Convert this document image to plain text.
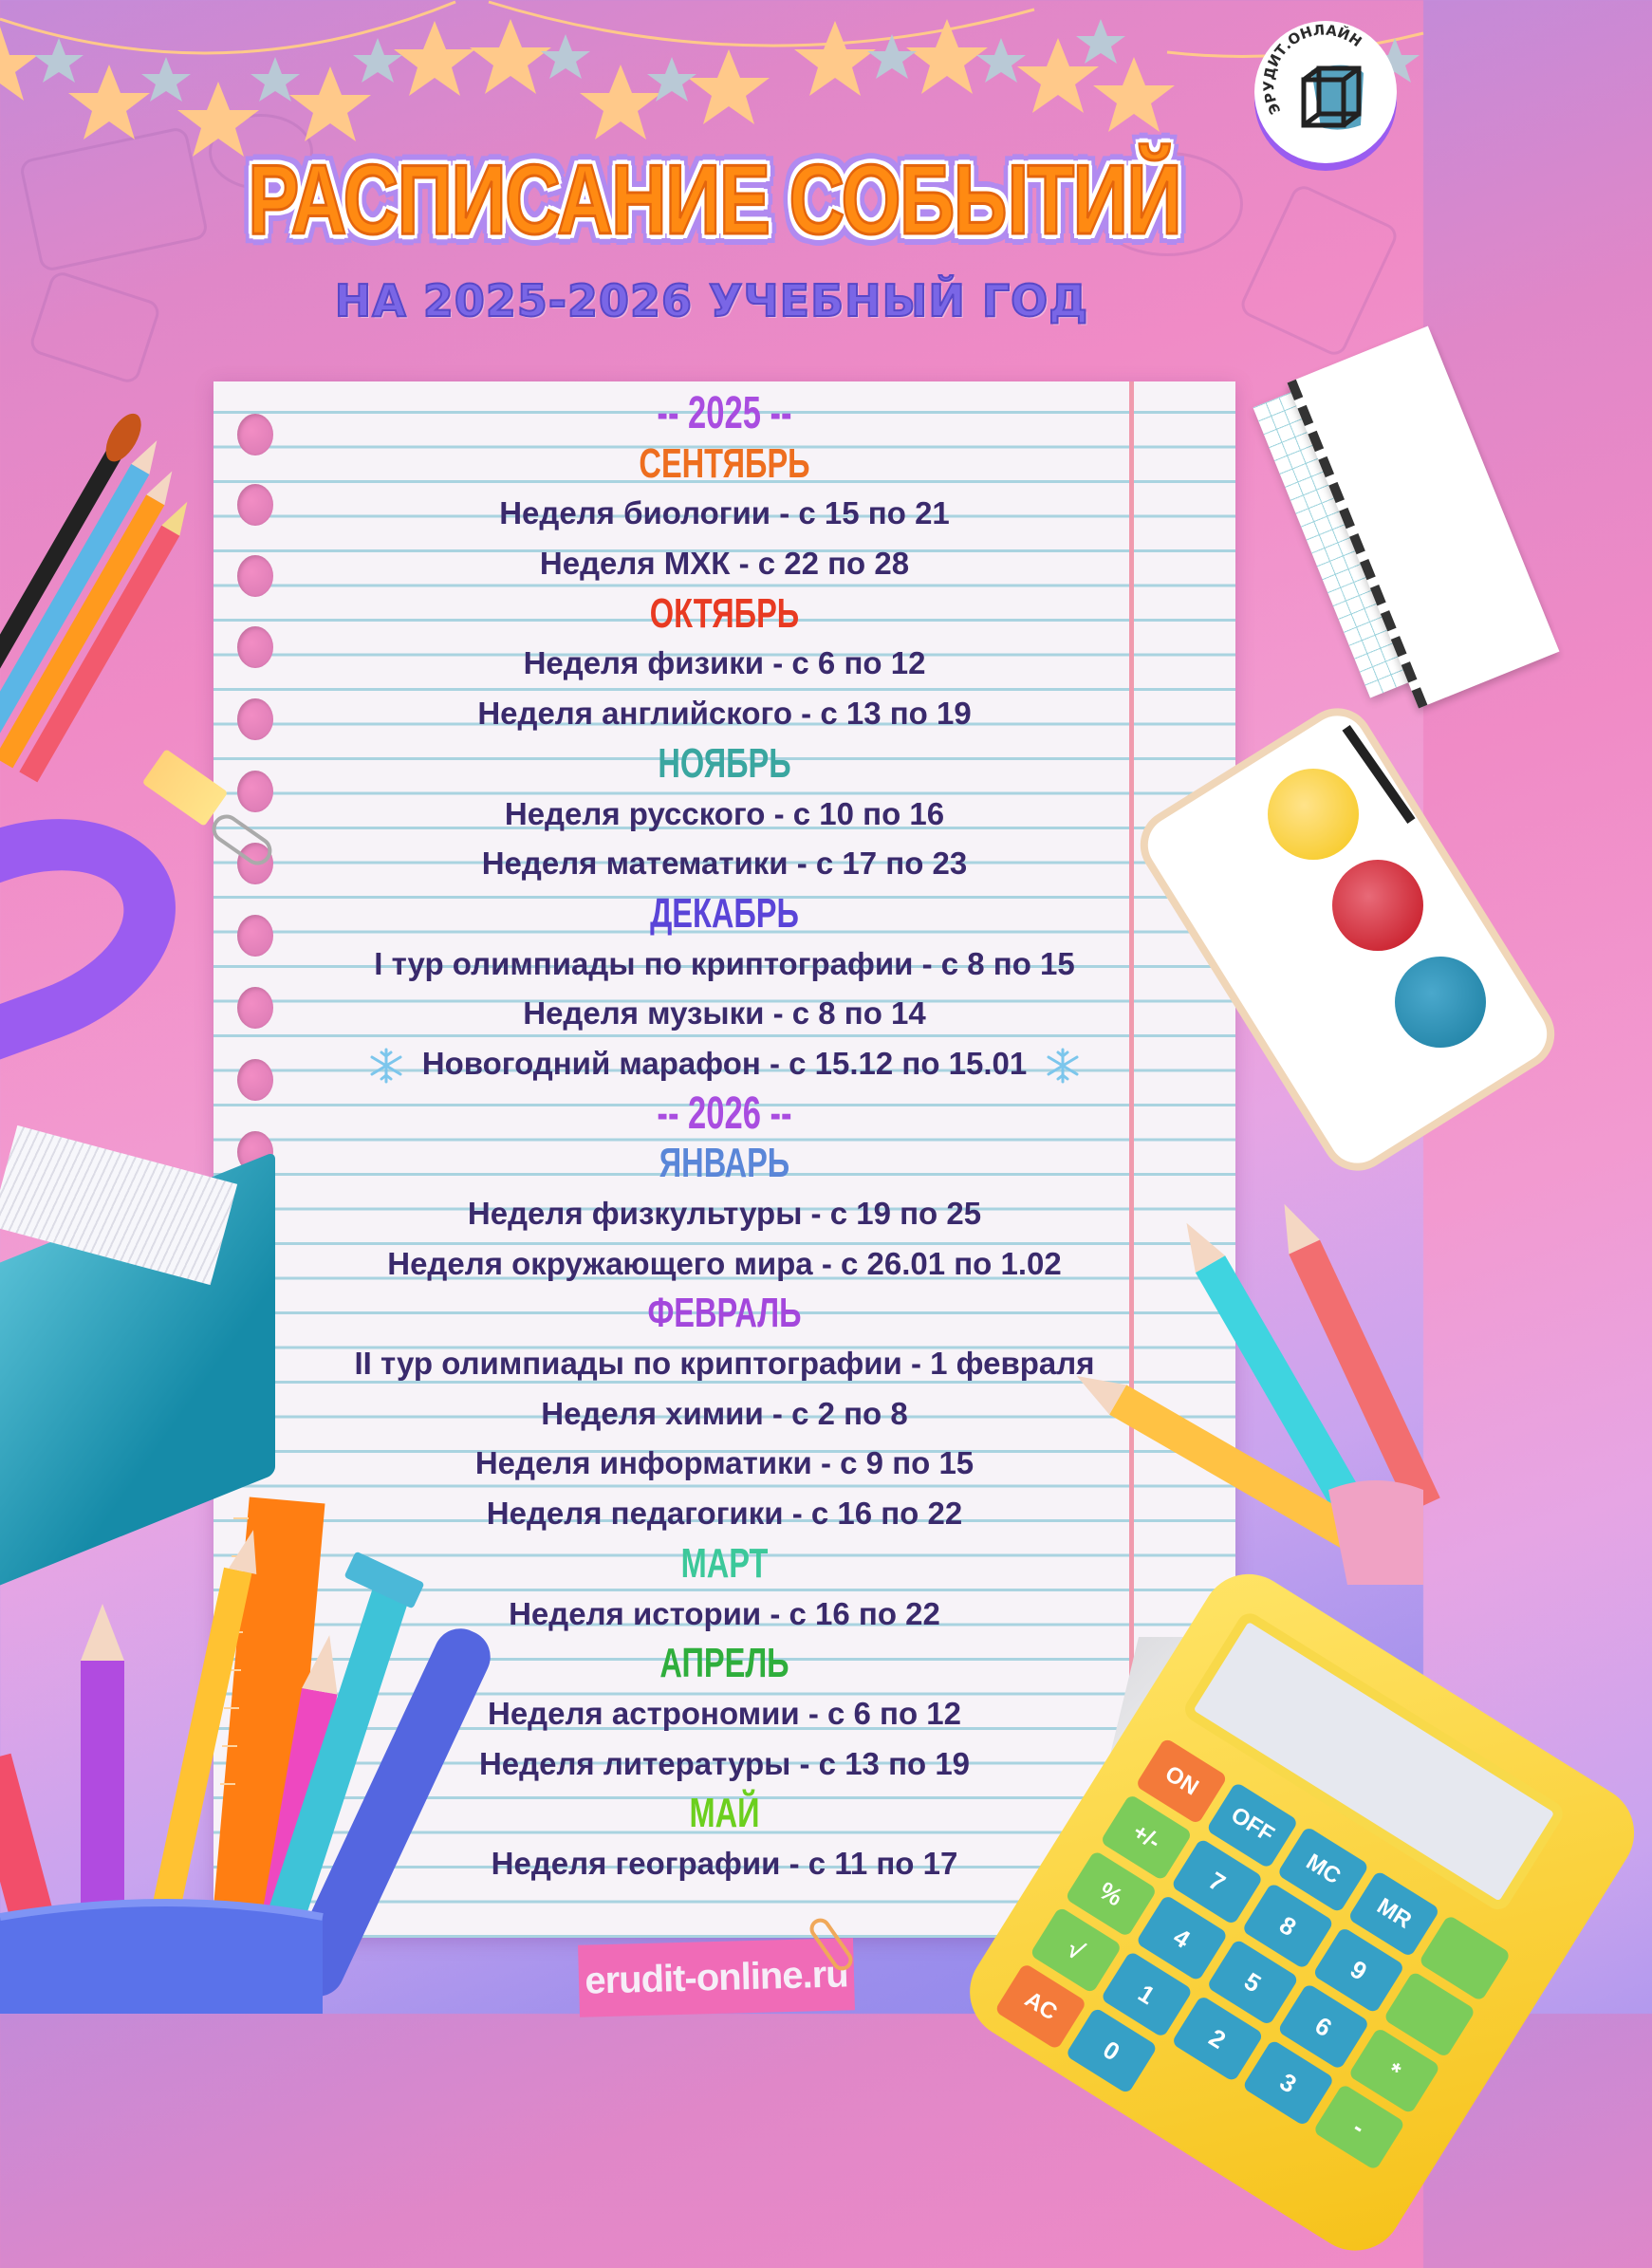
ЭРУДИТ.ОНЛАЙН
РАСПИСАНИЕ СОБЫТИЙ
НА 2025-2026 УЧЕБНЫЙ ГОД
-- 2025 --
СЕНТЯБРЬ
Неделя биологии - с 15 по 21
Неделя МХК - с 22 по 28
ОКТЯБРЬ
Неделя физики - с 6 по 12
Неделя английского - с 13 по 19
НОЯБРЬ
Неделя русского - с 10 по 16
Неделя математики - с 17 по 23
ДЕКАБРЬ
I тур олимпиады по криптографии - с 8 по 15
Неделя музыки - с 8 по 14
Новогодний марафон - с 15.12 по 15.01
-- 2026 --
ЯНВАРЬ
Неделя физкультуры - с 19 по 25
Неделя окружающего мира - с 26.01 по 1.02
ФЕВРАЛЬ
II тур олимпиады по криптографии - 1 февраля
Неделя химии - с 2 по 8
Неделя информатики - с 9 по 15
Неделя педагогики - с 16 по 22
МАРТ
Неделя истории - с 16 по 22
АПРЕЛЬ
Неделя астрономии - с 6 по 12
Неделя литературы - с 13 по 19
МАЙ
Неделя географии - с 11 по 17
ON
OFF
MC
MR
+/-
7
8
9
%
4
5
6
*
√
1
2
3
-
AC
0
erudit-online.ru
